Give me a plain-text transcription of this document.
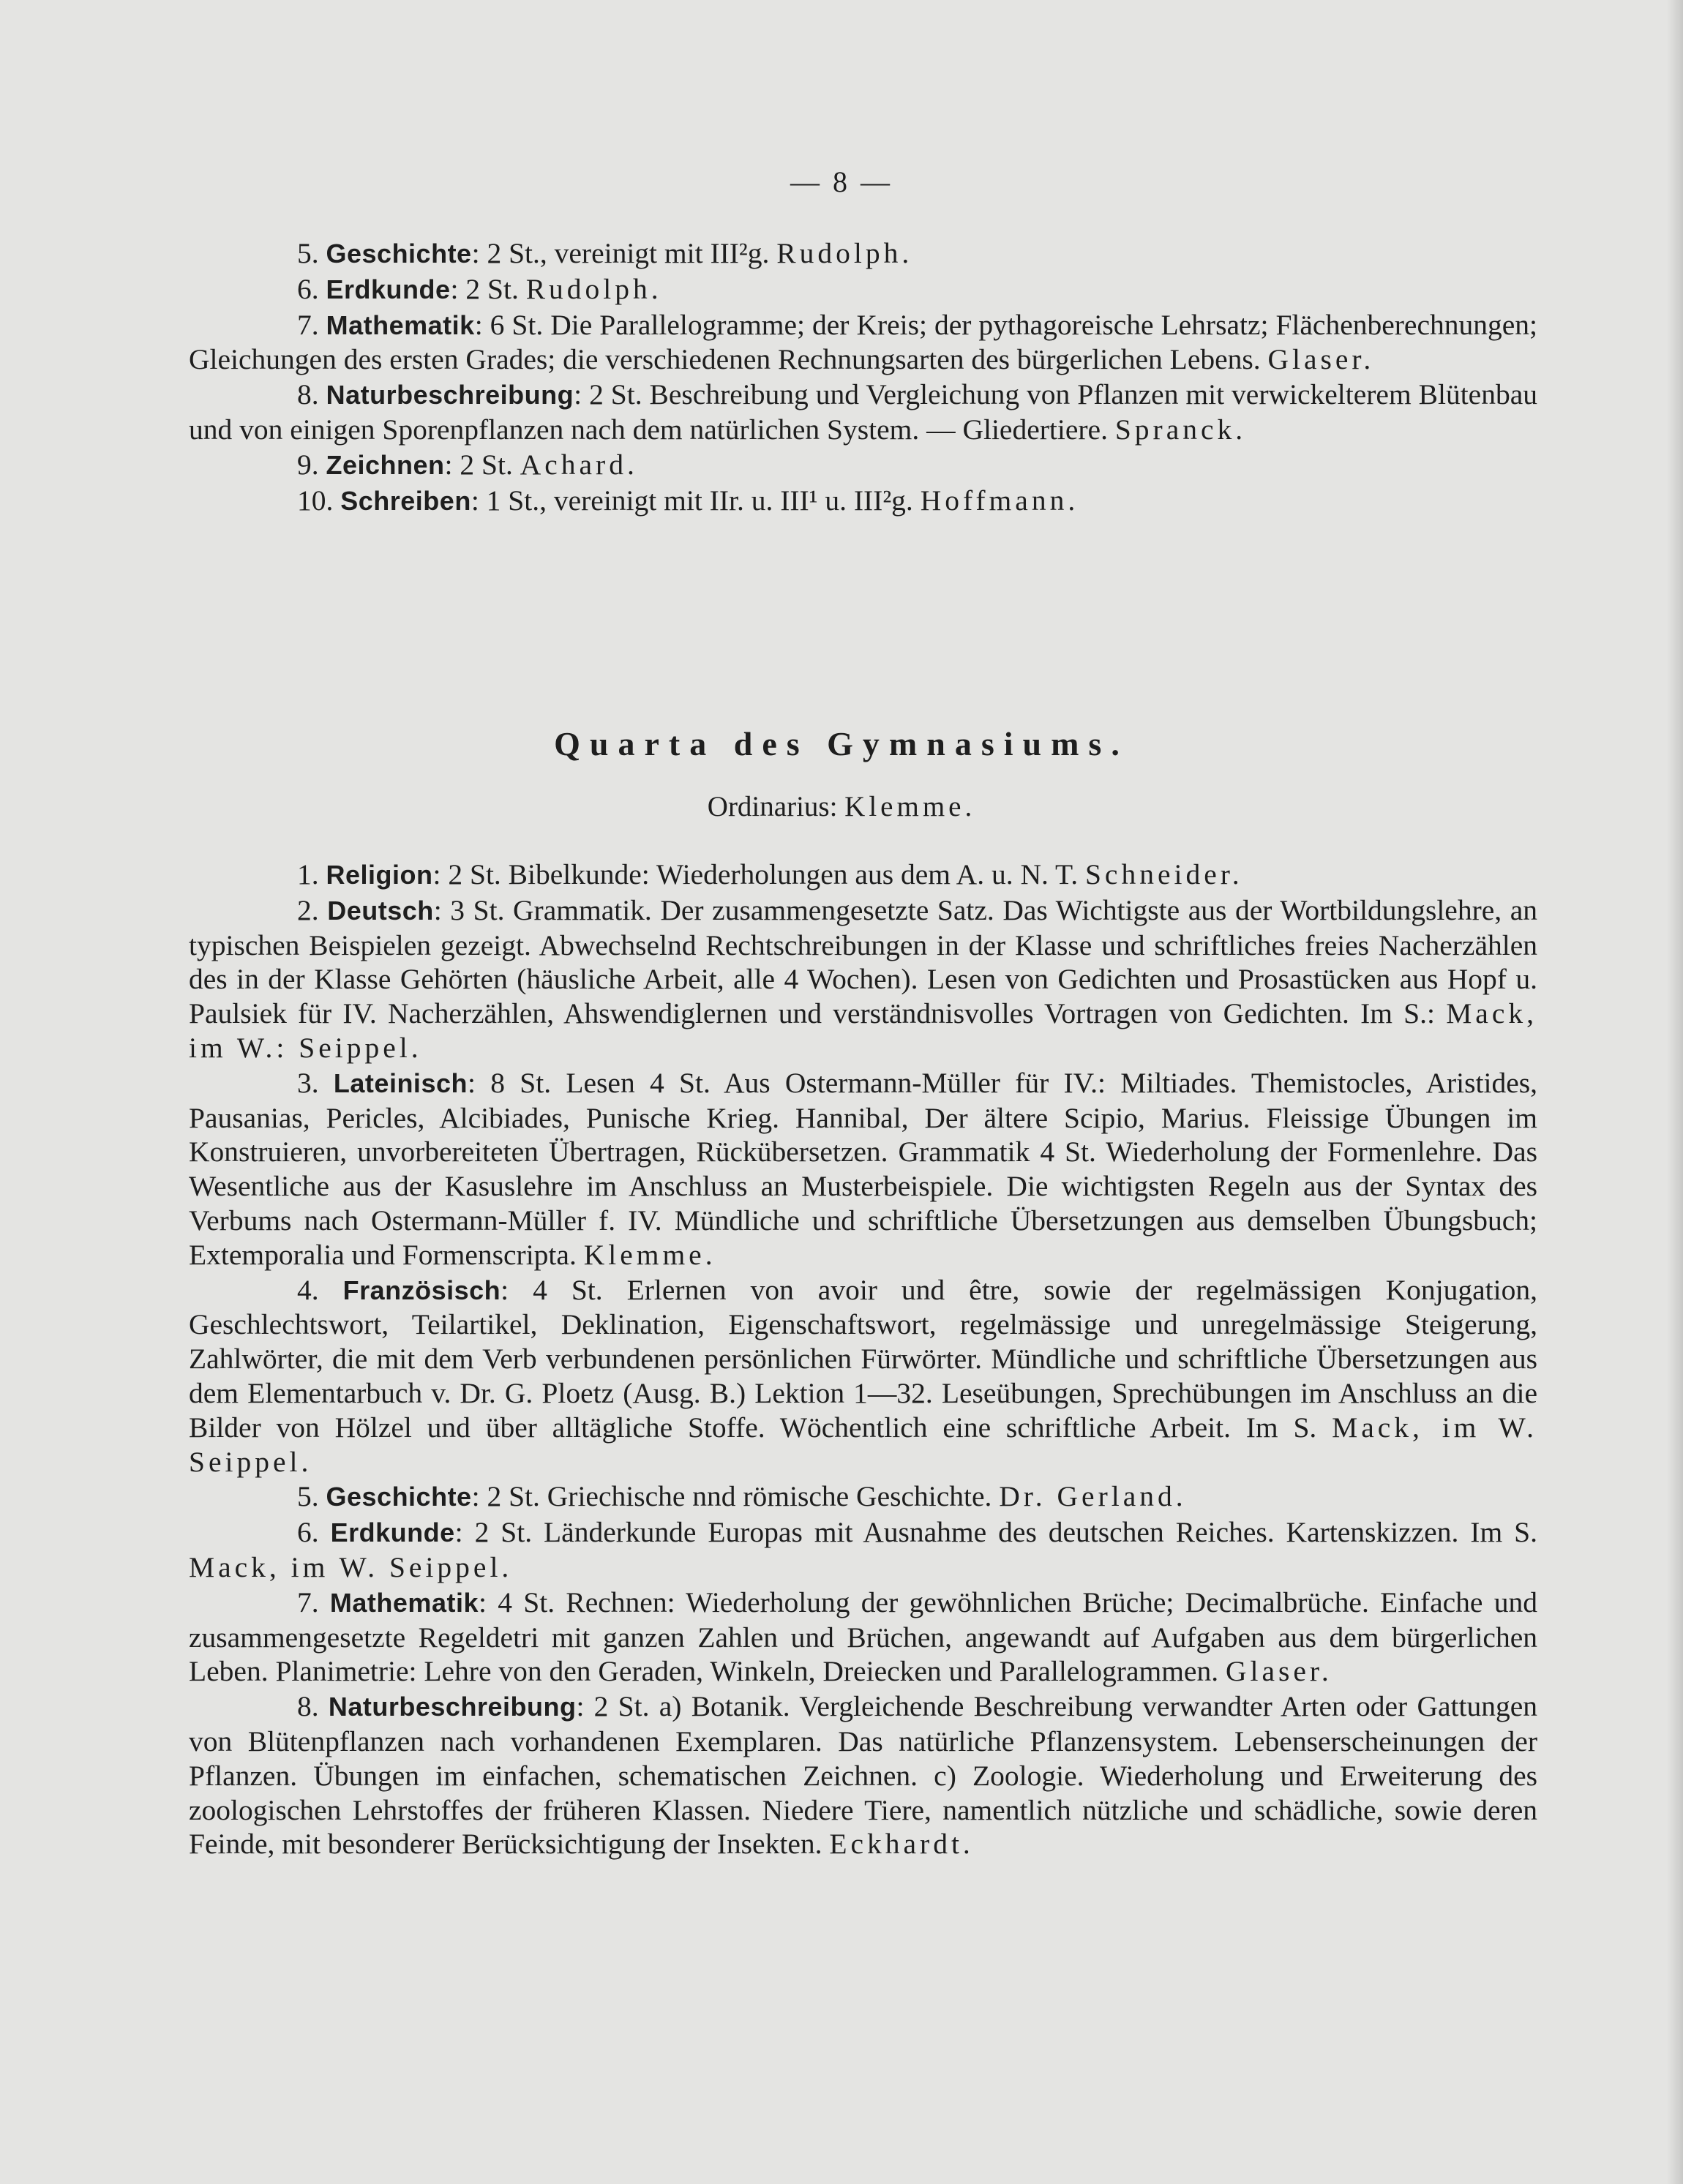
— 8 —

5. Geschichte: 2 St., vereinigt mit III²g. Rudolph.

6. Erdkunde: 2 St. Rudolph.

7. Mathematik: 6 St. Die Parallelogramme; der Kreis; der pythagoreische Lehrsatz; Flächenberechnungen; Gleichungen des ersten Grades; die verschiedenen Rechnungsarten des bürgerlichen Lebens. Glaser.

8. Naturbeschreibung: 2 St. Beschreibung und Vergleichung von Pflanzen mit verwickelterem Blütenbau und von einigen Sporenpflanzen nach dem natürlichen System. — Gliedertiere. Spranck.

9. Zeichnen: 2 St. Achard.

10. Schreiben: 1 St., vereinigt mit IIr. u. III¹ u. III²g. Hoffmann.

Quarta des Gymnasiums.
Ordinarius: Klemme.

1. Religion: 2 St. Bibelkunde: Wiederholungen aus dem A. u. N. T. Schneider.

2. Deutsch: 3 St. Grammatik. Der zusammengesetzte Satz. Das Wichtigste aus der Wortbildungslehre, an typischen Beispielen gezeigt. Abwechselnd Rechtschreibungen in der Klasse und schriftliches freies Nacherzählen des in der Klasse Gehörten (häusliche Arbeit, alle 4 Wochen). Lesen von Gedichten und Prosastücken aus Hopf u. Paulsiek für IV. Nacherzählen, Ahswendiglernen und verständnisvolles Vortragen von Gedichten. Im S.: Mack, im W.: Seippel.

3. Lateinisch: 8 St. Lesen 4 St. Aus Ostermann-Müller für IV.: Miltiades. Themistocles, Aristides, Pausanias, Pericles, Alcibiades, Punische Krieg. Hannibal, Der ältere Scipio, Marius. Fleissige Übungen im Konstruieren, unvorbereiteten Übertragen, Rückübersetzen. Grammatik 4 St. Wiederholung der Formenlehre. Das Wesentliche aus der Kasuslehre im Anschluss an Musterbeispiele. Die wichtigsten Regeln aus der Syntax des Verbums nach Ostermann-Müller f. IV. Mündliche und schriftliche Übersetzungen aus demselben Übungsbuch; Extemporalia und Formenscripta. Klemme.

4. Französisch: 4 St. Erlernen von avoir und être, sowie der regelmässigen Konjugation, Geschlechtswort, Teilartikel, Deklination, Eigenschaftswort, regelmässige und unregelmässige Steigerung, Zahlwörter, die mit dem Verb verbundenen persönlichen Fürwörter. Mündliche und schriftliche Übersetzungen aus dem Elementarbuch v. Dr. G. Ploetz (Ausg. B.) Lektion 1—32. Leseübungen, Sprechübungen im Anschluss an die Bilder von Hölzel und über alltägliche Stoffe. Wöchentlich eine schriftliche Arbeit. Im S. Mack, im W. Seippel.

5. Geschichte: 2 St. Griechische nnd römische Geschichte. Dr. Gerland.

6. Erdkunde: 2 St. Länderkunde Europas mit Ausnahme des deutschen Reiches. Kartenskizzen. Im S. Mack, im W. Seippel.

7. Mathematik: 4 St. Rechnen: Wiederholung der gewöhnlichen Brüche; Decimalbrüche. Einfache und zusammengesetzte Regeldetri mit ganzen Zahlen und Brüchen, angewandt auf Aufgaben aus dem bürgerlichen Leben. Planimetrie: Lehre von den Geraden, Winkeln, Dreiecken und Parallelogrammen. Glaser.

8. Naturbeschreibung: 2 St. a) Botanik. Vergleichende Beschreibung verwandter Arten oder Gattungen von Blütenpflanzen nach vorhandenen Exemplaren. Das natürliche Pflanzensystem. Lebenserscheinungen der Pflanzen. Übungen im einfachen, schematischen Zeichnen. c) Zoologie. Wiederholung und Erweiterung des zoologischen Lehrstoffes der früheren Klassen. Niedere Tiere, namentlich nützliche und schädliche, sowie deren Feinde, mit besonderer Berücksichtigung der Insekten. Eckhardt.
